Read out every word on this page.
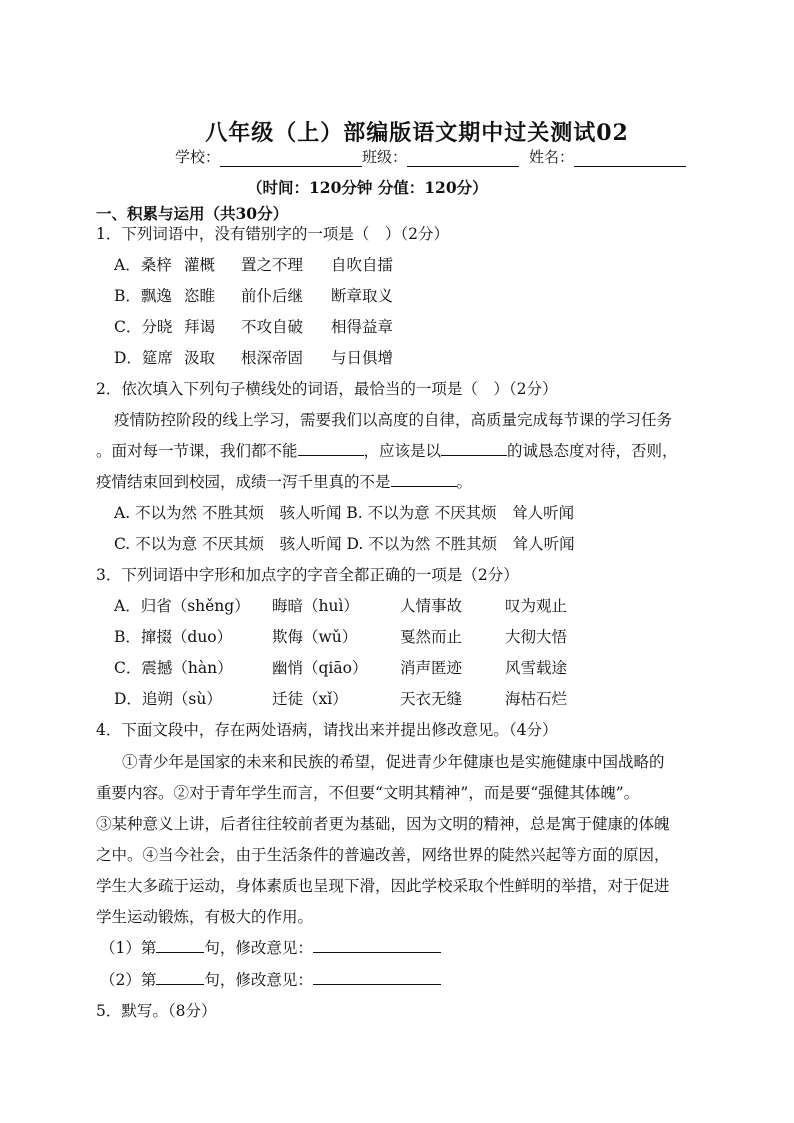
八年级（上）部编版语文期中过关测试02
学校：	班级：	姓名：
（时间：120分钟 分值：120分）
一、积累与运用（共30分）
1．下列词语中，没有错别字的一项是（　）（2分）
A．桑梓 灌概 置之不理 自吹自擂
B．飘逸 恣睢 前仆后继 断章取义
C．分晓 拜谒 不攻自破 相得益章
D．筵席 汲取 根深帝固 与日俱增
2．依次填入下列句子横线处的词语，最恰当的一项是（　）（2分）
疫情防控阶段的线上学习，需要我们以高度的自律，高质量完成每节课的学习任务
。面对每一节课，我们都不能	，应该是以	的诚恳态度对待，否则，
疫情结束回到校园，成绩一泻千里真的不是	。
A. 不以为然 不胜其烦　骇人听闻 B. 不以为意 不厌其烦　耸人听闻
C. 不以为意 不厌其烦　骇人听闻 D. 不以为然 不胜其烦　耸人听闻
3．下列词语中字形和加点字的字音全都正确的一项是（2分）
A．归省（shěng） 晦暗（huì）	人情事故	叹为观止
B．撺掇（duo）	欺侮（wǔ）	戛然而止	大彻大悟
C．震撼（hàn）	幽悄（qiāo） 消声匿迹	风雪载途
D．追朔（sù）	迁徒（xǐ）	天衣无缝	海枯石烂
4．下面文段中，存在两处语病，请找出来并提出修改意见。（4分）
①青少年是国家的未来和民族的希望，促进青少年健康也是实施健康中国战略的
重要内容。②对于青年学生而言，不但要“文明其精神”，而是要“强健其体魄”。
③某种意义上讲，后者往往较前者更为基础，因为文明的精神，总是寓于健康的体魄
之中。④当今社会，由于生活条件的普遍改善，网络世界的陡然兴起等方面的原因，
学生大多疏于运动，身体素质也呈现下滑，因此学校采取个性鲜明的举措，对于促进
学生运动锻炼，有极大的作用。
（1）第	句，修改意见：
（2）第	句，修改意见：
5．默写。（8分）
